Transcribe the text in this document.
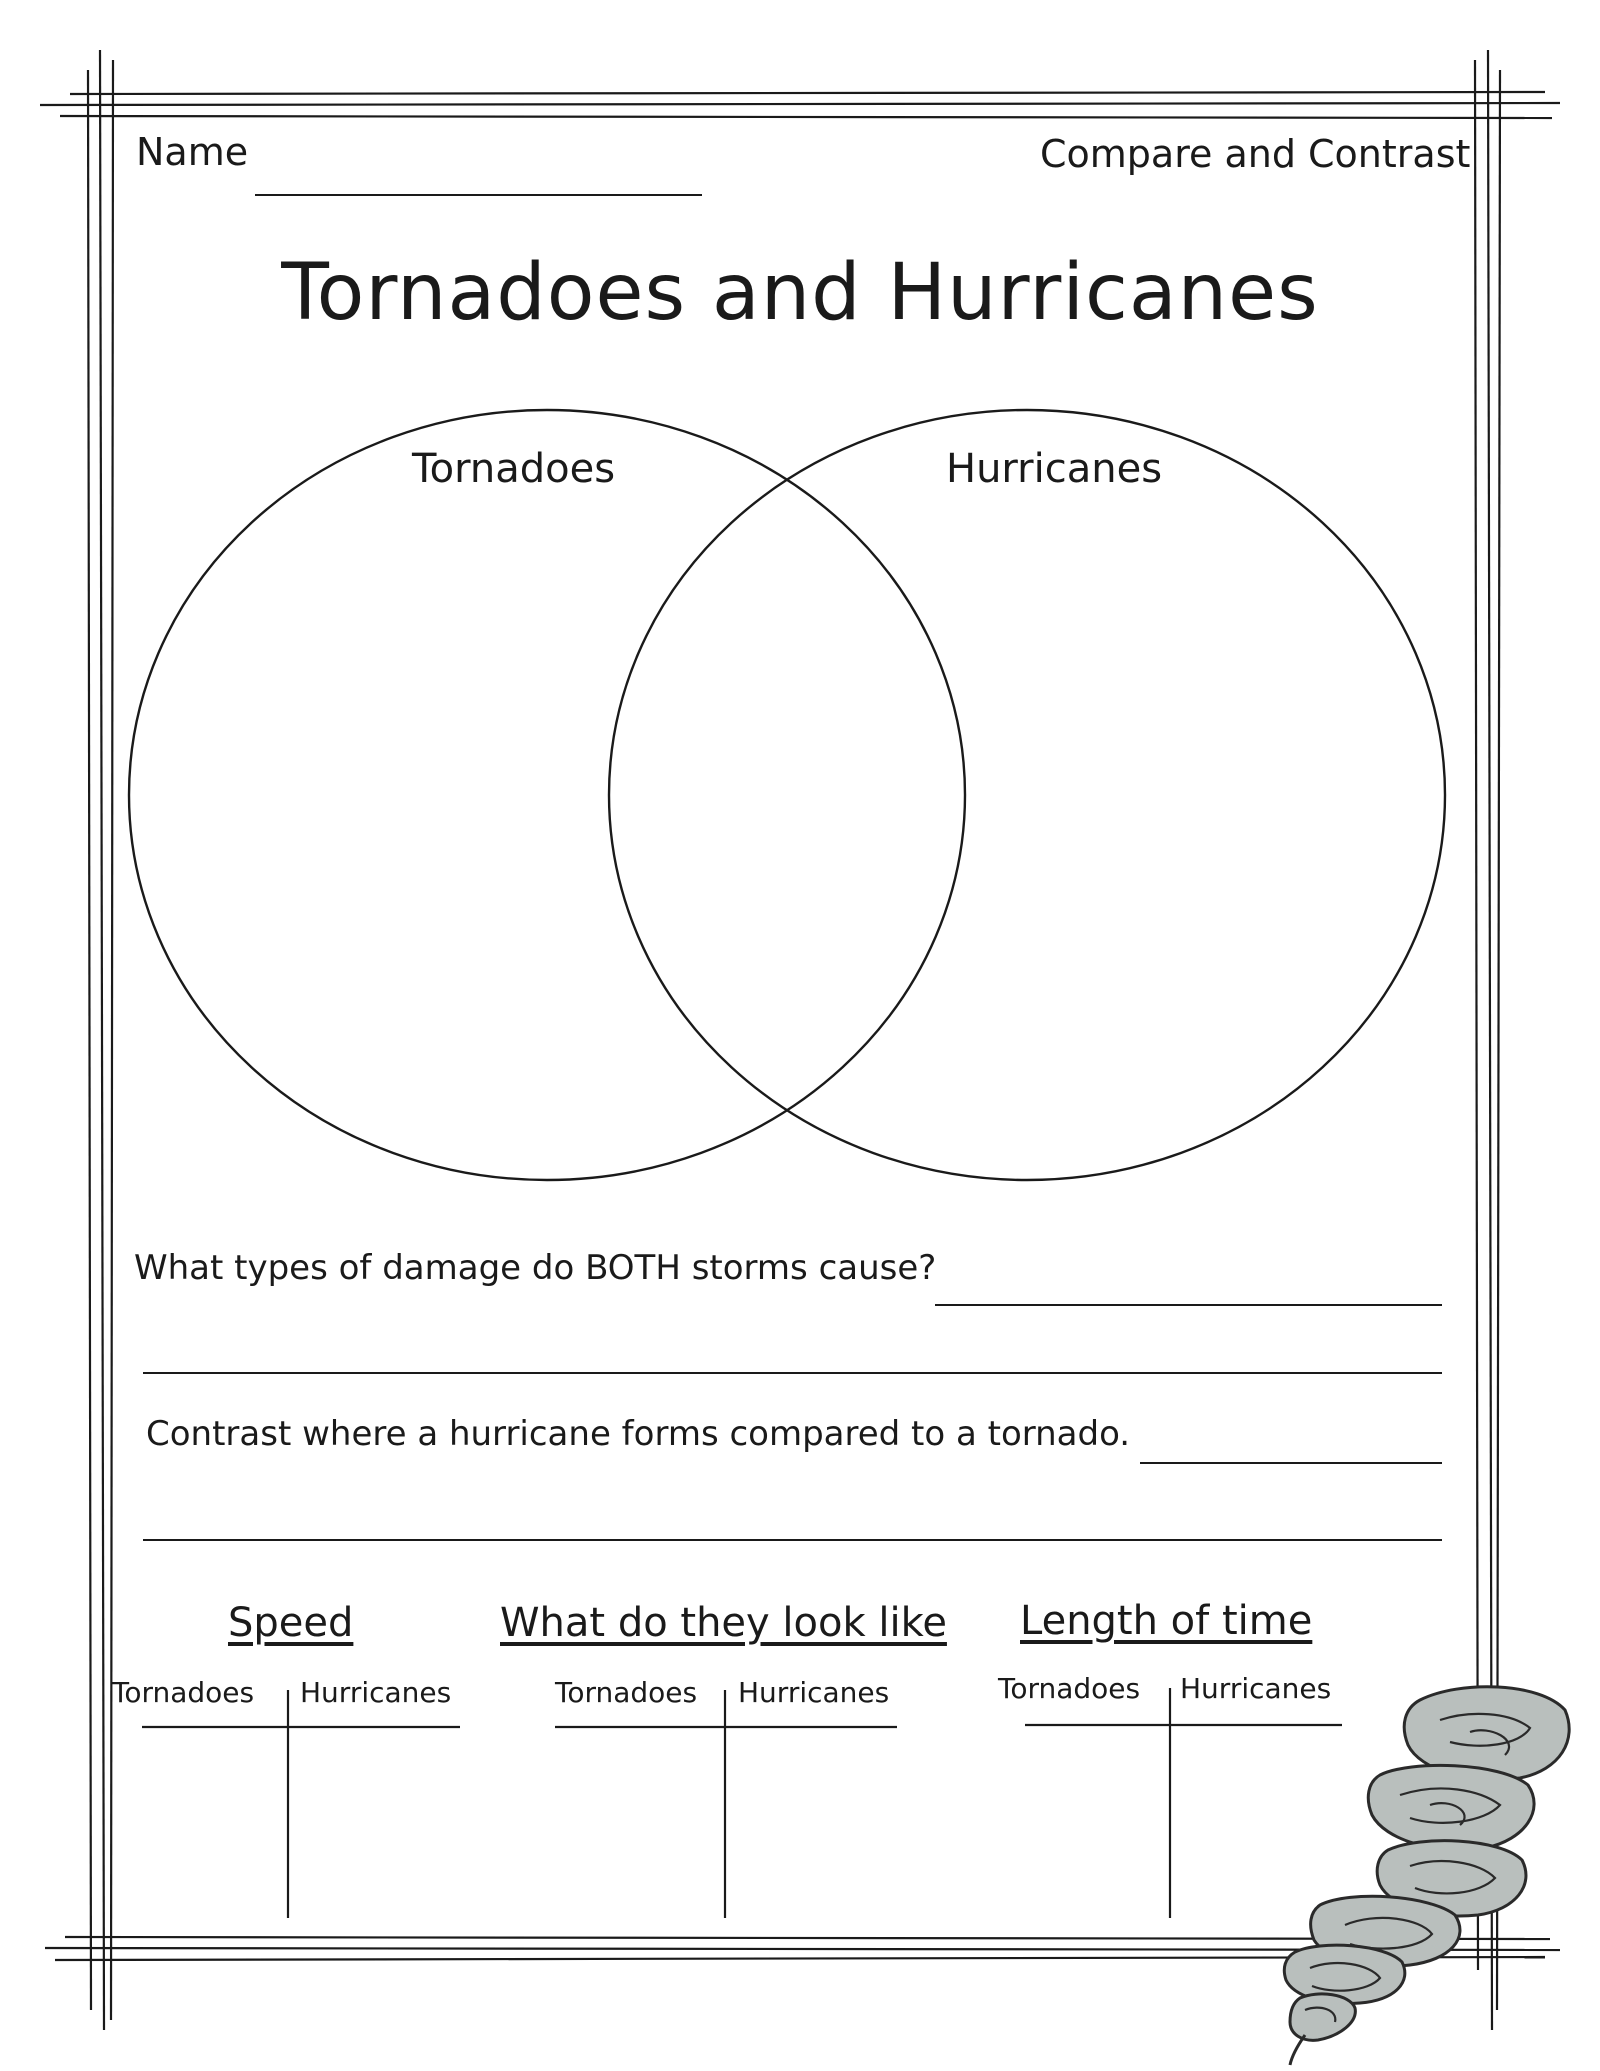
Name	Compare and Contrast
Tornadoes and Hurricanes
Tornadoes	Hurricanes
What types of damage do BOTH storms cause?
Contrast where a hurricane forms compared to a tornado.
Speed
Tornadoes Hurricanes
What do they look like
Tornadoes Hurricanes
Length of time
Tornadoes Hurricanes
